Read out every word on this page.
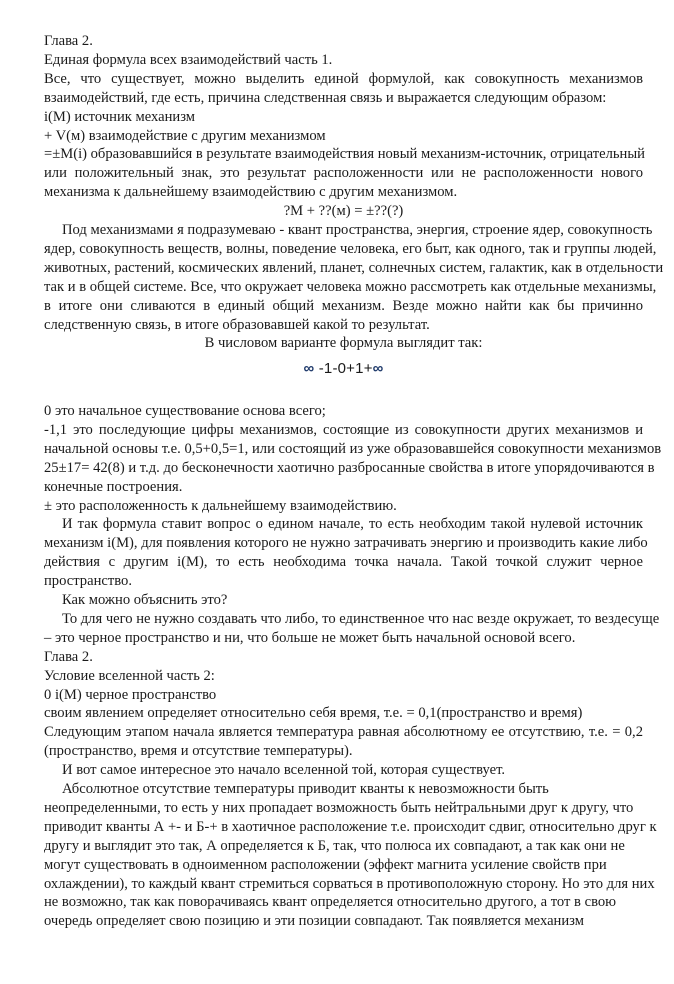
Глава 2.
Единая формула всех взаимодействий часть 1.
Все, что существует, можно выделить единой формулой, как совокупность механизмов
взаимодействий, где есть, причина следственная связь и выражается следующим образом:
i(M) источник механизм
+ V(м) взаимодействие с другим механизмом
=±M(i) образовавшийся в результате взаимодействия новый механизм-источник, отрицательный
или положительный знак, это результат расположенности или не расположенности нового
механизма к дальнейшему взаимодействию с другим механизмом.
?M + ??(м) = ±??(?)
Под механизмами я подразумеваю - квант пространства, энергия, строение ядер, совокупность
ядер, совокупность веществ, волны, поведение человека, его быт, как одного, так и группы людей,
животных, растений, космических явлений, планет, солнечных систем, галактик, как в отдельности
так и в общей системе. Все, что окружает человека можно рассмотреть как отдельные механизмы,
в итоге они сливаются в единый общий механизм. Везде можно найти как бы причинно
следственную связь, в итоге образовавшей какой то результат.
В числовом варианте формула выглядит так:
∞ -1-0+1+∞
0 это начальное существование основа всего;
-1,1 это последующие цифры механизмов, состоящие из совокупности других механизмов и
начальной основы т.е. 0,5+0,5=1, или состоящий из уже образовавшейся совокупности механизмов
25±17= 42(8) и т.д. до бесконечности хаотично разбросанные свойства в итоге упорядочиваются в
конечные построения.
± это расположенность к дальнейшему взаимодействию.
И так формула ставит вопрос о едином начале, то есть необходим такой нулевой источник
механизм i(M), для появления которого не нужно затрачивать энергию и производить какие либо
действия с другим i(M), то есть необходима точка начала. Такой точкой служит черное
пространство.
Как можно объяснить это?
То для чего не нужно создавать что либо, то единственное что нас везде окружает, то вездесуще
– это черное пространство и ни, что больше не может быть начальной основой всего.
Глава 2.
Условие вселенной часть 2:
0 i(M) черное пространство
своим явлением определяет относительно себя время, т.е. = 0,1(пространство и время)
Следующим этапом начала является температура равная абсолютному ее отсутствию, т.е. = 0,2
(пространство, время и отсутствие температуры).
И вот самое интересное это начало вселенной той, которая существует.
Абсолютное отсутствие температуры приводит кванты к невозможности быть
неопределенными, то есть у них пропадает возможность быть нейтральными друг к другу, что
приводит кванты А +- и Б-+ в хаотичное расположение т.е. происходит сдвиг, относительно друг к
другу и выглядит это так, А определяется к Б, так, что полюса их совпадают, а так как они не
могут существовать в одноименном расположении (эффект магнита усиление свойств при
охлаждении), то каждый квант стремиться сорваться в противоположную сторону. Но это для них
не возможно, так как поворачиваясь квант определяется относительно другого, а тот в свою
очередь определяет свою позицию и эти позиции совпадают. Так появляется механизм
